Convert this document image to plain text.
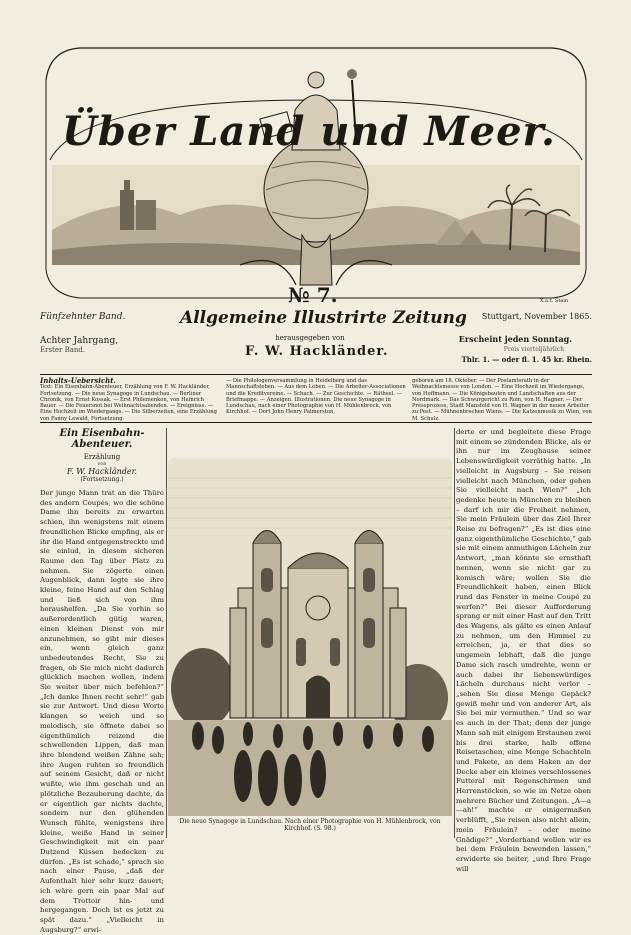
Über Land und Meer.
№ 7.	X.a.t. Stein
Fünfzehnter Band.
Achter Jahrgang,
Erster Band.
Allgemeine Illustrirte Zeitung
herausgegeben von
F. W. Hackländer.
Stuttgart, November 1865.
Erscheint jeden Sonntag.
Preis vierteljährlich
Thlr. 1. — oder fl. 1. 45 kr. Rhein.
Inhalts-Uebersicht.
Text: Ein Eisenbahn-Abenteuer, Erzählung von F. W. Hackländer, Fortsetzung. — Die neue Synagoge in Lundschau. — Berliner Chronik, von Ernst Kossak. — Erst Philemenkon, von Heinrich Bauer. — Die Feuersnot bei Weihnachtsabenden. — Ereignisse. — Eine Hochzeit im Wiedergangs. — Die Silberzeiten, eine Erzählung von Fanny Lewald, Fortsetzung.
— Die Philologenversammlung in Heidelberg und das Mannschaftsleben. — Aus dem Leben. — Die Arbeiter-Associationen und die Kreditvereine. — Schach. — Zur Geschichte. — Räthsel. — Briefmappe. — Anzeigen. Illustrationen: Die neue Synagoge in Lundschau, nach einer Photographie von H. Mühlenbrock, von Kirchhof. — Dort John Henry Palmerston,
geboren am 18. Oktober. — Der Postamtsrath in der Weihnachtsmesse von London. — Eine Hochzeit im Wiedergangs, von Hoffmann. — Die Königsbauten und Landschaften aus der Nordmark. — Das Schwurgericht zu Rom, von H. Hagner. — Der Pressprozess, Stadt Mansfeld von H. Wagner in der neuen Arbeiter zu Pest. — Mühnenbrechen Wiens. — Die Katzenmusik zu Wien, von M. Schulz.
Ein Eisenbahn-Abenteuer.
Erzählung
von
F. W. Hackländer.
(Fortsetzung.)
Der junge Mann trat an die Thüre des andern Coupés, wo die schöne Dame ihn bereits zu erwarten schien, ihn wenigstens mit einem freundlichen Blicke empfing, als er ihr die Hand entgegenstreckte und sie einlud, in diesem sicheren Raume den Tag über Platz zu nehmen. Sie zögerte einen Augenblick, dann legte sie ihre kleine, feine Hand auf den Schlag und ließ sich von ihm heraushelfen. „Da Sie vorhin so außerordentlich gütig waren, einen kleinen Dienst von mir anzunehmen, so gibt mir dieses ein, wenn gleich ganz unbedeutendes Recht, Sie zu fragen, ob Sie mich nicht dadurch glücklich machen wollen, indem Sie weiter über mich befehlen?“ „Ich danke Ihnen recht sehr!“ gab sie zur Antwort. Und diese Worte klangen so weich und so melodisch, sie öffnete dabei so eigenthümlich reizend die schwellenden Lippen, daß man ihre blendend weißen Zähne sah; ihre Augen ruhten so freundlich auf seinem Gesicht, daß er nicht wußte, wie ihm geschah und an plötzliche Bezauberung dachte, da er eigentlich gar nichts dachte, sondern nur den glühenden Wunsch fühlte, wenigstens ihre kleine, weiße Hand in seiner Geschwindigkeit mit ein paar Dutzend Küssen bedecken zu dürfen. „Es ist schade,“ sprach sie nach einer Pause, „daß der Aufenthalt hier sehr kurz dauert; ich wäre gern ein paar Mal auf dem Trottoir hin- und hergegangen. Doch ist es jetzt zu spät dazu.“ „Vielleicht in Augsburg?“ erwi-
Die neue Synagoge in Lundschau. Nach einer Photographie von H. Mühlenbrock, von Kirchhof. (S. 98.)
derte er und begleitete diese Frage mit einem so zündenden Blicke, als er ihn nur im Zeughause seiner Lebenswürdigkeit vorräthig hatte. „In vielleicht in Augsburg – Sie reisen vielleicht nach München, oder gehen Sie vielleicht nach Wien?“ „Ich gedenke heute in München zu bleiben – darf ich mir die Freiheit nehmen, Sie mein Fräulein über das Ziel Ihrer Reise zu befragen?“ „Es ist dies eine ganz eigenthümliche Geschichte,“ gab sie mit einem anmuthigen Lächeln zur Antwort, „man könnte sie ernsthaft nennen, wenn sie nicht gar zu komisch wäre; wollen Sie die Freundlichkeit haben, einen Blick rund das Fenster in meine Coupé zu werfen?“ Bei dieser Aufforderung sprang er mit einer Hast auf den Tritt des Wagens, als gälte es einen Anlauf zu nehmen, um den Himmel zu erreichen, ja, er that dies so ungemein lebhaft, daß die junge Dame sich rasch umdrehte, wenn er auch dabei ihr liebenswürdiges Lächeln durchaus nicht verlor – „sehen Sie diese Menge Gepäck? gewiß mehr und von anderer Art, als Sie bei mir vermuthen.“ Und so war es auch in der That; denn der junge Mann sah mit einigem Erstaunen zwei bis drei starke, halb offene Reisetaschen, eine Menge Schachteln und Pakete, an dem Haken an der Decke aber ein kleines verschlossenes Futteral mit Regenschirmen und Herrenstöcken, so wie im Netze oben mehrere Bücher und Zeitungen. „A—a—ah!“ machte er einigermaßen verblüfft, „Sie reisen also nicht allein, mein Fräulein? – oder meine Gnädige?“ „Vorderhand wollen wir es bei dem Fräulein bewenden lassen,“ erwiderte sie heiter, „und Ihre Frage will
